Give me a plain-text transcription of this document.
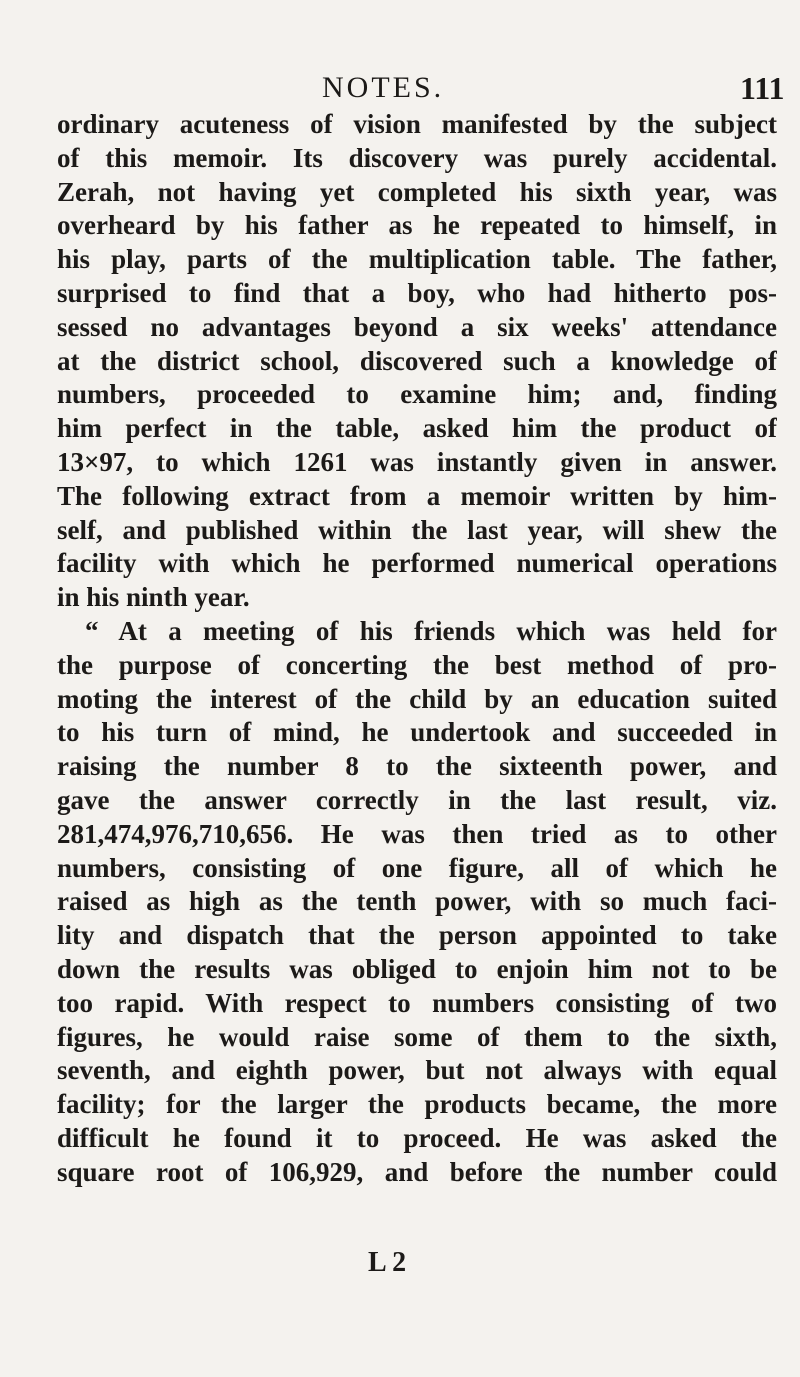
NOTES.	111
ordinary acuteness of vision manifested by the subject
of this memoir. Its discovery was purely accidental.
Zerah, not having yet completed his sixth year, was
overheard by his father as he repeated to himself, in
his play, parts of the multiplication table. The father,
surprised to find that a boy, who had hitherto pos-
sessed no advantages beyond a six weeks' attendance
at the district school, discovered such a knowledge of
numbers, proceeded to examine him; and, finding
him perfect in the table, asked him the product of
13×97, to which 1261 was instantly given in answer.
The following extract from a memoir written by him-
self, and published within the last year, will shew the
facility with which he performed numerical operations
in his ninth year.
“ At a meeting of his friends which was held for
the purpose of concerting the best method of pro-
moting the interest of the child by an education suited
to his turn of mind, he undertook and succeeded in
raising the number 8 to the sixteenth power, and
gave the answer correctly in the last result, viz.
281,474,976,710,656. He was then tried as to other
numbers, consisting of one figure, all of which he
raised as high as the tenth power, with so much faci-
lity and dispatch that the person appointed to take
down the results was obliged to enjoin him not to be
too rapid. With respect to numbers consisting of two
figures, he would raise some of them to the sixth,
seventh, and eighth power, but not always with equal
facility; for the larger the products became, the more
difficult he found it to proceed. He was asked the
square root of 106,929, and before the number could
L 2
